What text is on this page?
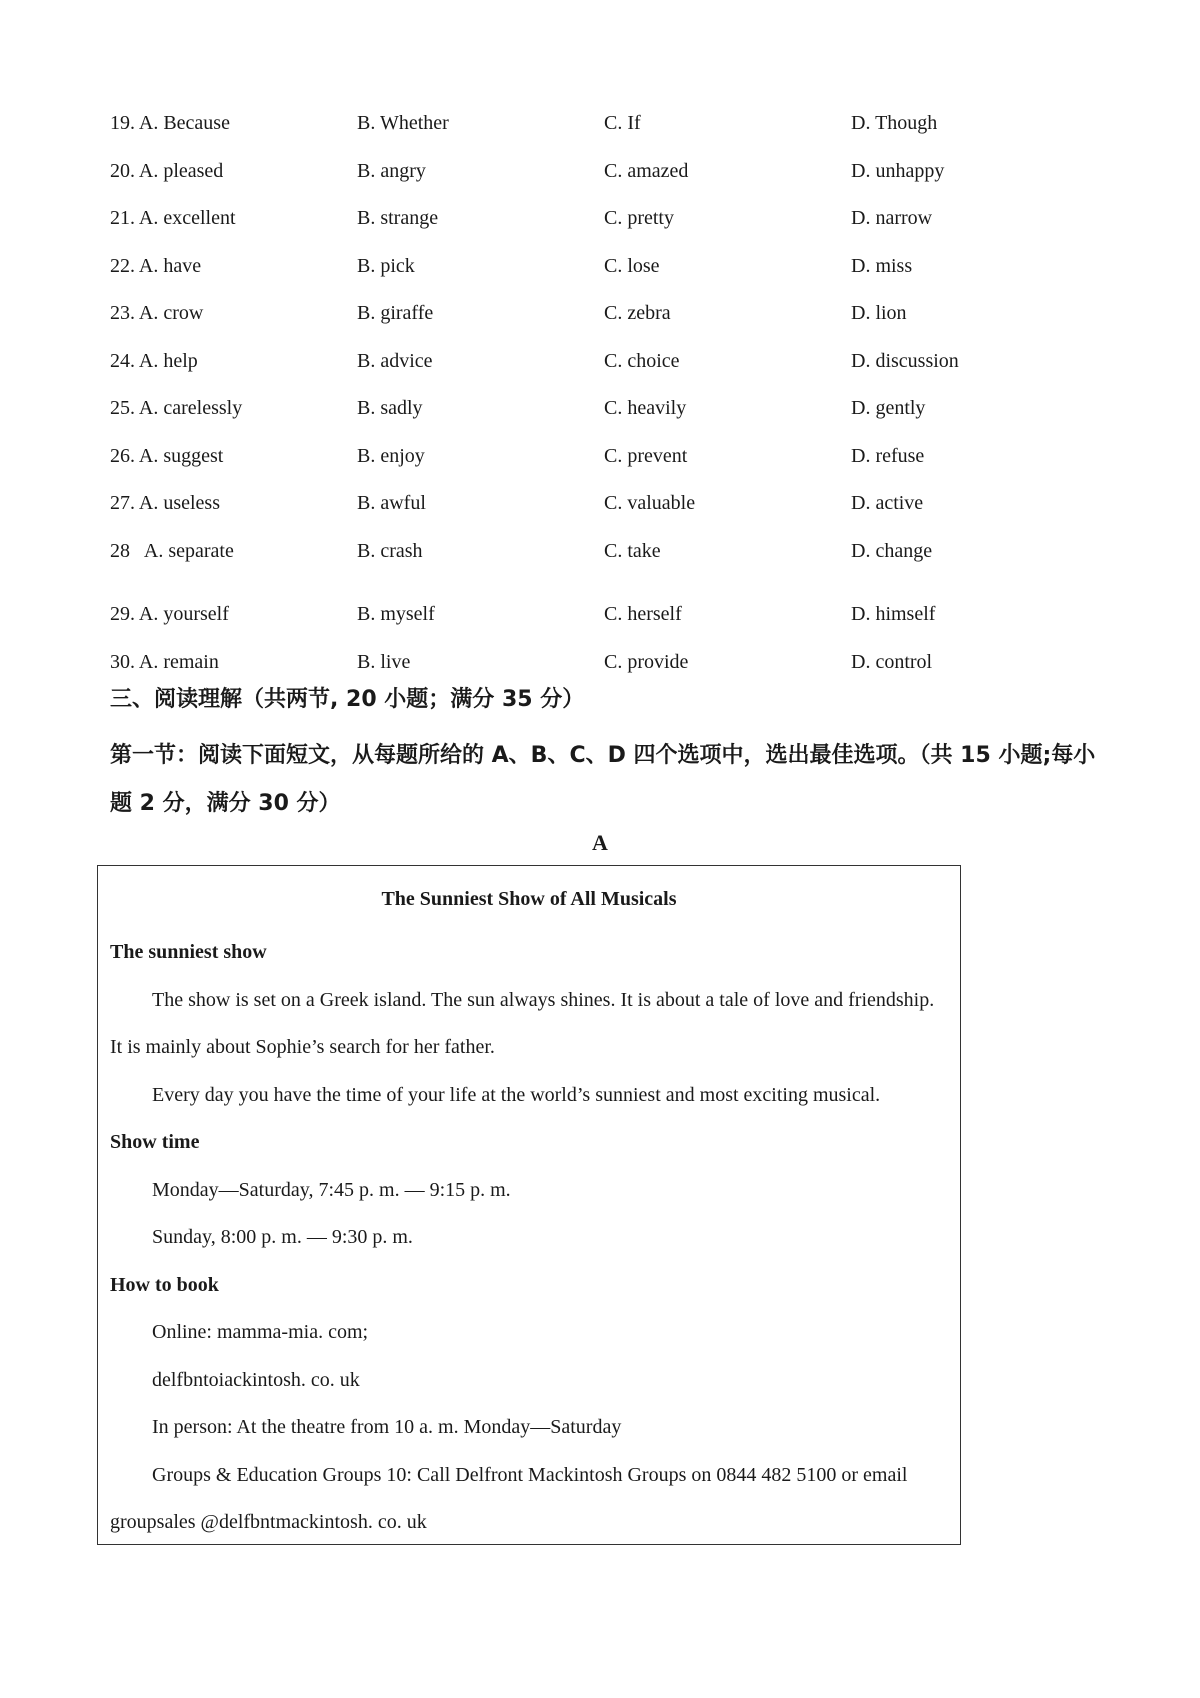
19. A. Because	B. Whether	C. If	D. Though
20. A. pleased	B. angry	C. amazed	D. unhappy
21. A. excellent	B. strange	C. pretty	D. narrow
22. A. have	B. pick	C. lose	D. miss
23. A. crow	B. giraffe	C. zebra	D. lion
24. A. help	B. advice	C. choice	D. discussion
25. A. carelessly	B. sadly	C. heavily	D. gently
26. A. suggest	B. enjoy	C. prevent	D. refuse
27. A. useless	B. awful	C. valuable	D. active
28   A. separate	B. crash	C. take	D. change
29. A. yourself	B. myself	C. herself	D. himself
30. A. remain	B. live	C. provide	D. control
三、阅读理解（共两节, 20 小题；满分 35 分）
第一节：阅读下面短文，从每题所给的 A、B、C、D 四个选项中，选出最佳选项。（共 15 小题;每小题 2 分，满分 30 分）
A
The Sunniest Show of All Musicals
The sunniest show
The show is set on a Greek island. The sun always shines. It is about a tale of love and friendship. It is mainly about Sophie’s search for her father.
Every day you have the time of your life at the world’s sunniest and most exciting musical.
Show time
Monday—Saturday, 7:45 p. m. — 9:15 p. m.
Sunday, 8:00 p. m. — 9:30 p. m.
How to book
Online: mamma-mia. com;
delfbntoiackintosh. co. uk
In person: At the theatre from 10 a. m. Monday—Saturday
Groups & Education Groups 10: Call Delfront Mackintosh Groups on 0844 482 5100 or email groupsales @delfbntmackintosh. co. uk
